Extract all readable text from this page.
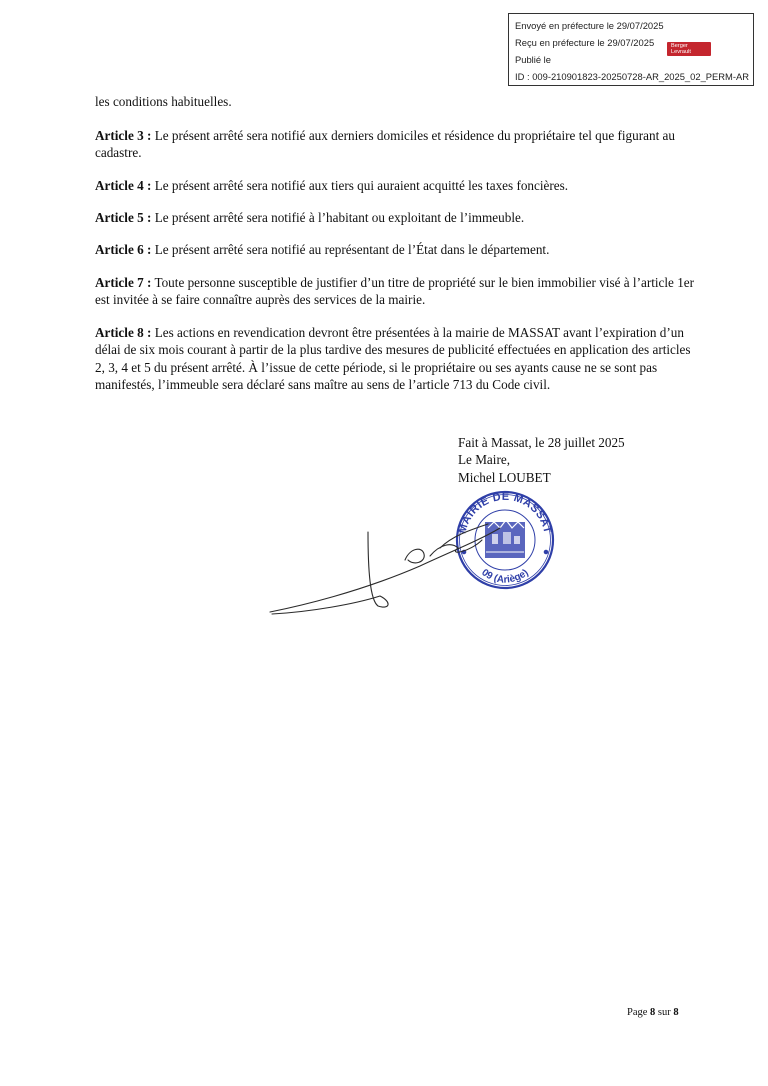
Envoyé en préfecture le 29/07/2025
Reçu en préfecture le 29/07/2025
Publié le
ID : 009-210901823-20250728-AR_2025_02_PERM-AR
Berger
Levrault
les conditions habituelles.
Article 3 : Le présent arrêté sera notifié aux derniers domiciles et résidence du propriétaire tel que figurant au cadastre.
Article 4 : Le présent arrêté sera notifié aux tiers qui auraient acquitté les taxes foncières.
Article 5 : Le présent arrêté sera notifié à l’habitant ou exploitant de l’immeuble.
Article 6 : Le présent arrêté sera notifié au représentant de l’État dans le département.
Article 7 : Toute personne susceptible de justifier d’un titre de propriété sur le bien immobilier visé à l’article 1er est invitée à se faire connaître auprès des services de la mairie.
Article 8 : Les actions en revendication devront être présentées à la mairie de MASSAT avant l’expiration d’un délai de six mois courant à partir de la plus tardive des mesures de publicité effectuées en application des articles 2, 3, 4 et 5 du présent arrêté. À l’issue de cette période, si le propriétaire ou ses ayants cause ne se sont pas manifestés, l’immeuble sera déclaré sans maître au sens de l’article 713 du Code civil.
Fait à Massat, le 28 juillet 2025
Le Maire,
Michel LOUBET
MAIRIE DE MASSAT
09 (Ariège)
Page 8 sur 8
